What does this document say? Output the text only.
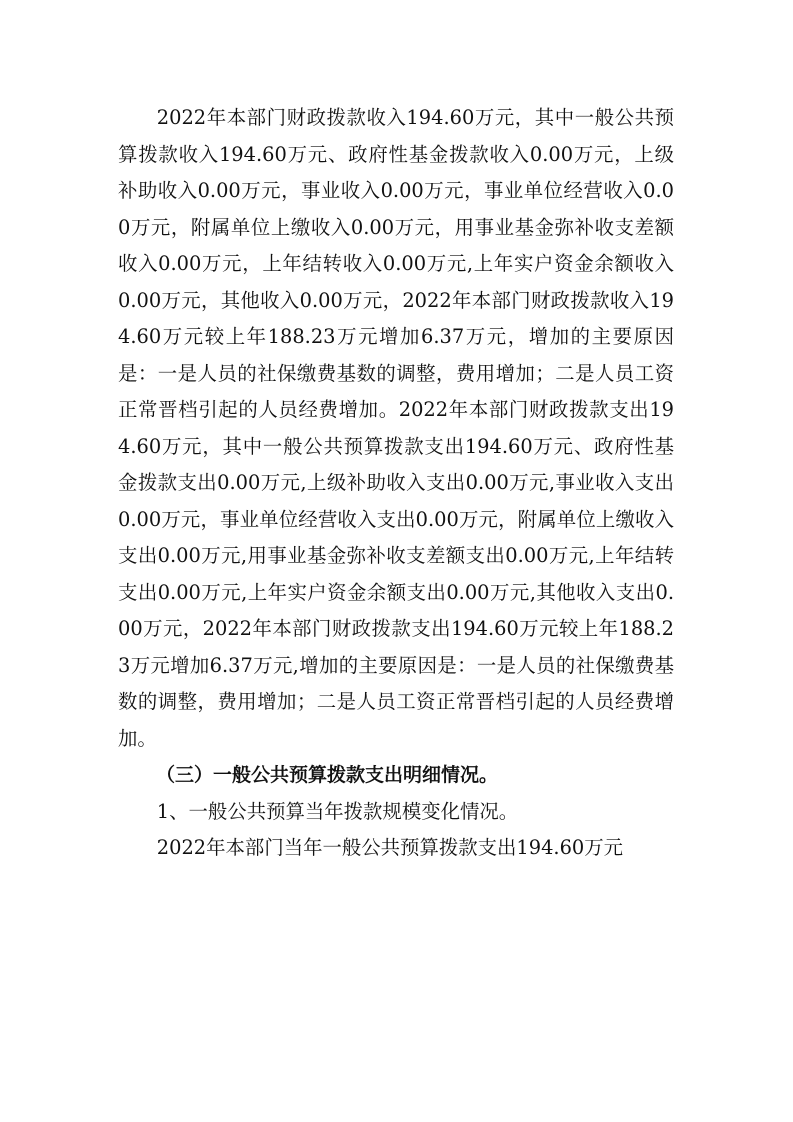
2022年本部门财政拨款收入194.60万元，其中一般公共预算拨款收入194.60万元、政府性基金拨款收入0.00万元，上级补助收入0.00万元，事业收入0.00万元，事业单位经营收入0.00万元，附属单位上缴收入0.00万元，用事业基金弥补收支差额收入0.00万元，上年结转收入0.00万元,上年实户资金余额收入0.00万元，其他收入0.00万元，2022年本部门财政拨款收入194.60万元较上年188.23万元增加6.37万元，增加的主要原因是：一是人员的社保缴费基数的调整，费用增加；二是人员工资正常晋档引起的人员经费增加。2022年本部门财政拨款支出194.60万元，其中一般公共预算拨款支出194.60万元、政府性基金拨款支出0.00万元,上级补助收入支出0.00万元,事业收入支出0.00万元，事业单位经营收入支出0.00万元，附属单位上缴收入支出0.00万元,用事业基金弥补收支差额支出0.00万元,上年结转支出0.00万元,上年实户资金余额支出0.00万元,其他收入支出0.00万元，2022年本部门财政拨款支出194.60万元较上年188.23万元增加6.37万元,增加的主要原因是：一是人员的社保缴费基数的调整，费用增加；二是人员工资正常晋档引起的人员经费增加。

（三）一般公共预算拨款支出明细情况。

1、一般公共预算当年拨款规模变化情况。

2022年本部门当年一般公共预算拨款支出194.60万元
